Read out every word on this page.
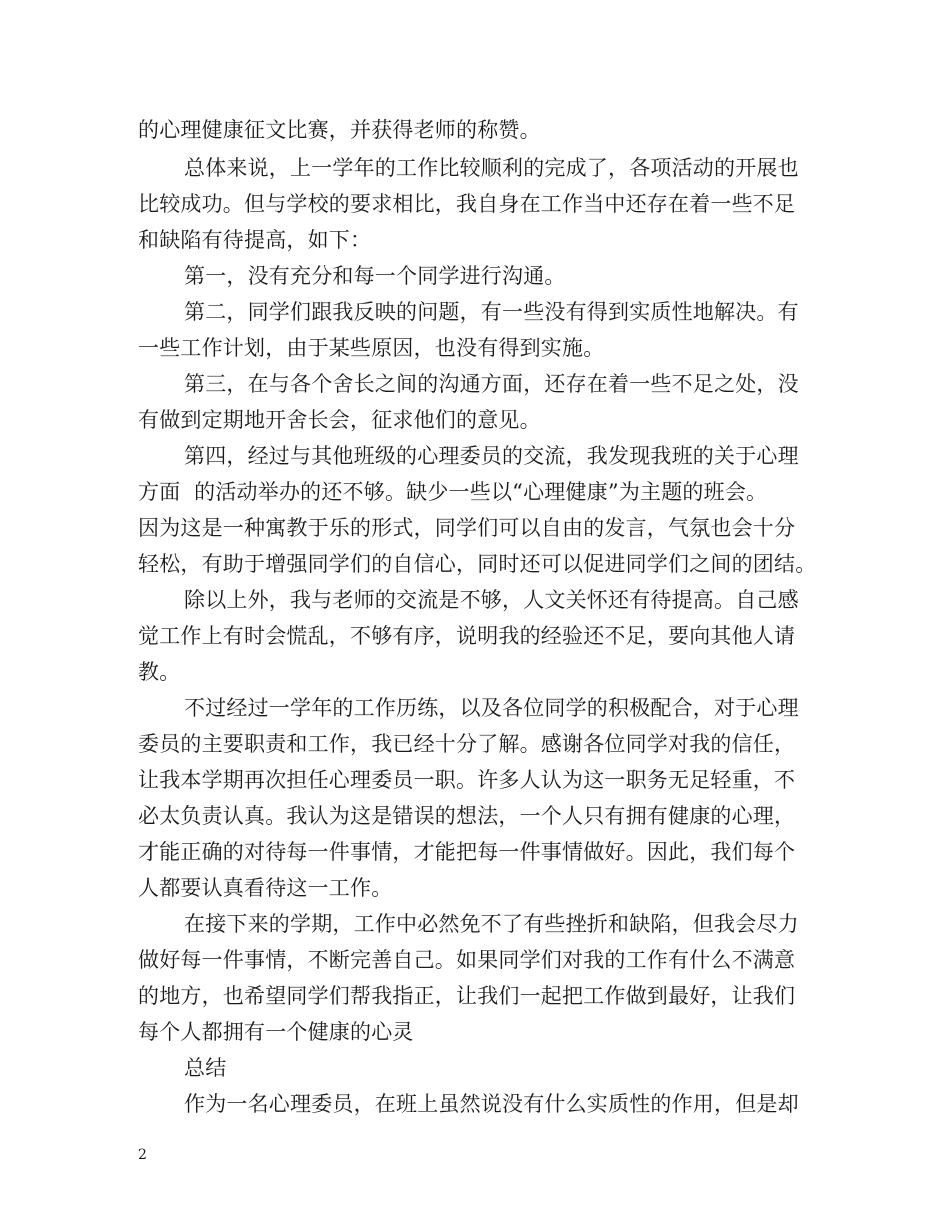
的心理健康征文比赛，并获得老师的称赞。
总体来说，上一学年的工作比较顺利的完成了，各项活动的开展也
比较成功。但与学校的要求相比，我自身在工作当中还存在着一些不足
和缺陷有待提高，如下：
第一，没有充分和每一个同学进行沟通。
第二，同学们跟我反映的问题，有一些没有得到实质性地解决。有
一些工作计划，由于某些原因，也没有得到实施。
第三，在与各个舍长之间的沟通方面，还存在着一些不足之处，没
有做到定期地开舍长会，征求他们的意见。
第四，经过与其他班级的心理委员的交流，我发现我班的关于心理
方面  的活动举办的还不够。缺少一些以“心理健康”为主题的班会。
因为这是一种寓教于乐的形式，同学们可以自由的发言，气氛也会十分
轻松，有助于增强同学们的自信心，同时还可以促进同学们之间的团结。
除以上外，我与老师的交流是不够，人文关怀还有待提高。自己感
觉工作上有时会慌乱，不够有序，说明我的经验还不足，要向其他人请
教。
不过经过一学年的工作历练，以及各位同学的积极配合，对于心理
委员的主要职责和工作，我已经十分了解。感谢各位同学对我的信任，
让我本学期再次担任心理委员一职。许多人认为这一职务无足轻重，不
必太负责认真。我认为这是错误的想法，一个人只有拥有健康的心理，
才能正确的对待每一件事情，才能把每一件事情做好。因此，我们每个
人都要认真看待这一工作。
在接下来的学期，工作中必然免不了有些挫折和缺陷，但我会尽力
做好每一件事情，不断完善自己。如果同学们对我的工作有什么不满意
的地方，也希望同学们帮我指正，让我们一起把工作做到最好，让我们
每个人都拥有一个健康的心灵
总结
作为一名心理委员，在班上虽然说没有什么实质性的作用，但是却
2
